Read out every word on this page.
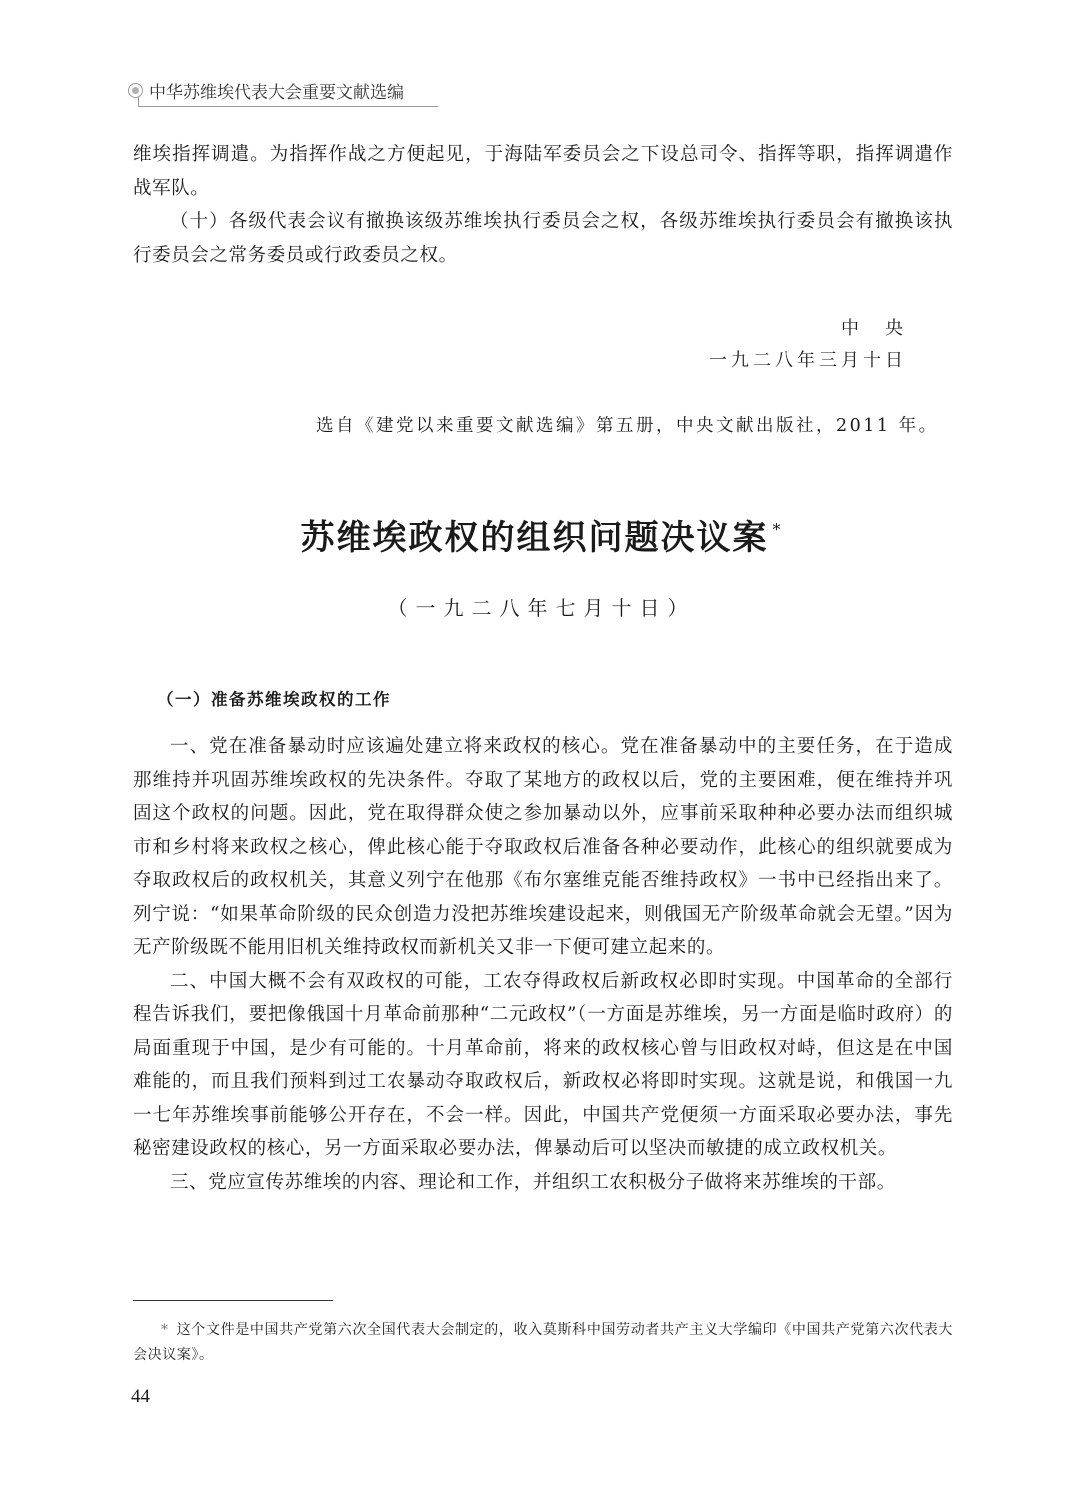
中华苏维埃代表大会重要文献选编

维埃指挥调遣。为指挥作战之方便起见，于海陆军委员会之下设总司令、指挥等职，指挥调遣作战军队。

（十）各级代表会议有撤换该级苏维埃执行委员会之权，各级苏维埃执行委员会有撤换该执行委员会之常务委员或行政委员之权。

中　央
一九二八年三月十日
选自《建党以来重要文献选编》第五册，中央文献出版社，2011 年。
苏维埃政权的组织问题决议案 *
（一九二八年七月十日）
（一）准备苏维埃政权的工作

一、党在准备暴动时应该遍处建立将来政权的核心。党在准备暴动中的主要任务，在于造成那维持并巩固苏维埃政权的先决条件。夺取了某地方的政权以后，党的主要困难，便在维持并巩固这个政权的问题。因此，党在取得群众使之参加暴动以外，应事前采取种种必要办法而组织城市和乡村将来政权之核心，俾此核心能于夺取政权后准备各种必要动作，此核心的组织就要成为夺取政权后的政权机关，其意义列宁在他那《布尔塞维克能否维持政权》一书中已经指出来了。列宁说：“如果革命阶级的民众创造力没把苏维埃建设起来，则俄国无产阶级革命就会无望。”因为无产阶级既不能用旧机关维持政权而新机关又非一下便可建立起来的。

二、中国大概不会有双政权的可能，工农夺得政权后新政权必即时实现。中国革命的全部行程告诉我们，要把像俄国十月革命前那种“二元政权”（一方面是苏维埃，另一方面是临时政府）的局面重现于中国，是少有可能的。十月革命前，将来的政权核心曾与旧政权对峙，但这是在中国难能的，而且我们预料到过工农暴动夺取政权后，新政权必将即时实现。这就是说，和俄国一九一七年苏维埃事前能够公开存在，不会一样。因此，中国共产党便须一方面采取必要办法，事先秘密建设政权的核心，另一方面采取必要办法，俾暴动后可以坚决而敏捷的成立政权机关。

三、党应宣传苏维埃的内容、理论和工作，并组织工农积极分子做将来苏维埃的干部。

* 这个文件是中国共产党第六次全国代表大会制定的，收入莫斯科中国劳动者共产主义大学编印《中国共产党第六次代表大会决议案》。
44
